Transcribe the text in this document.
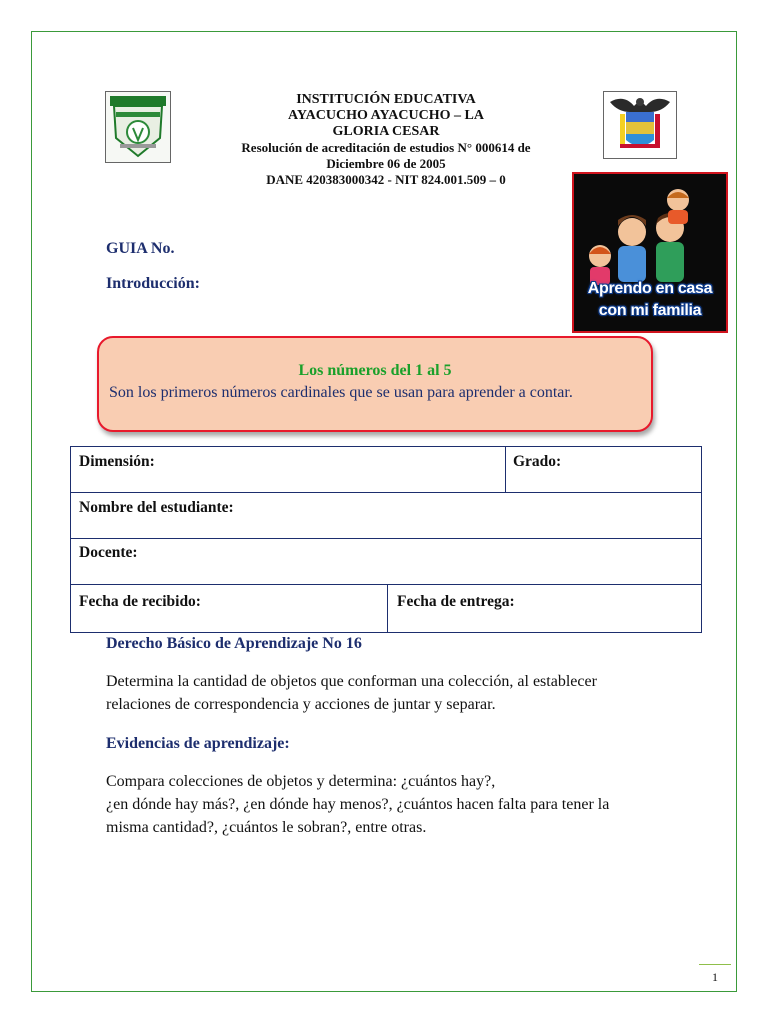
INSTITUCIÓN EDUCATIVA
AYACUCHO AYACUCHO – LA
GLORIA CESAR
Resolución de acreditación de estudios N° 000614 de
Diciembre 06 de 2005
DANE 420383000342 - NIT 824.001.509 – 0
Aprendo en casa
con mi familia
GUIA No.
Introducción:
Los números del 1 al 5
Son los primeros números cardinales que se usan para aprender a contar.
Dimensión:	Grado:
Nombre del estudiante:
Docente:
Fecha de recibido:	Fecha de entrega:
Derecho Básico de Aprendizaje No 16
Determina la cantidad de objetos que conforman una colección, al establecer
relaciones de correspondencia y acciones de juntar y separar.
Evidencias de aprendizaje:
Compara colecciones de objetos y determina: ¿cuántos hay?,
¿en dónde hay más?, ¿en dónde hay menos?, ¿cuántos hacen falta para tener la
misma cantidad?, ¿cuántos le sobran?, entre otras.
1
